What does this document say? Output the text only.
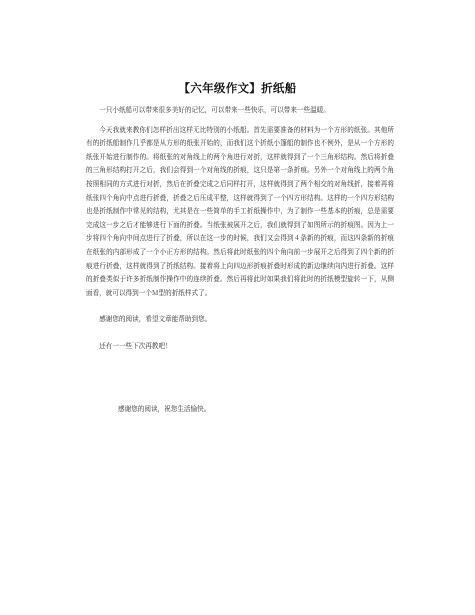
【六年级作文】折纸船

一只小纸船可以带来很多美好的记忆，可以带来一些快乐，可以带来一些温暖。

今天我就来教你们怎样折出这样无比特别的小纸船。首先需要准备的材料为一个方形的纸张。其他所有的折纸船制作几乎都是从方形的纸张开始的，而我们这个折纸小篷船的制作也不例外，是从一个方形的纸张开始进行制作的。将纸张的对角线上的两个角进行对折，这样就得到了一个三角形结构。然后将折叠的三角形结构打开之后，我们会得到一个对角线的折痕，这只是第一条折痕。另外一个对角线上的两个角按照相同的方式进行对折，然后在折叠完成之后同样打开，这样就得到了两个相交的对角线折，接着再将纸张四个角向中点进行折叠，折叠之后压成平整，这样就得到了一个四方形结构。这样的一个四方形结构也是折纸制作中常见的结构，尤其是在一些简单的手工折纸操作中，为了制作一些基本的折痕，总是需要完成这一步之后才能够进行下面的折叠。当纸张被展开之后，我们就得到了如图所示的折痕图。因为上一步将四个角向中间点进行了折叠，所以在这一步的时候，我们又会得到４条新的折痕，而这四条新的折痕在纸张的内部形成了一个小正方形的结构。然后将此时纸张的四个角向前一步展开之后得到了四个新的折痕进行折叠，这样就得到了折纸结构。接着将上向四边形折痕折叠时形成的新边继续向内进行折叠。这样的折叠类似于许多折纸制作操作中的连续折叠。然后再将此时如果我们将此时的折纸模型旋转一下，从侧面看，就可以得到一个Ｍ型的折纸样式了。

感谢您的阅读，希望文章能帮助到您。

还有一一些下次再教吧！

感谢您的阅读，祝您生活愉快。
